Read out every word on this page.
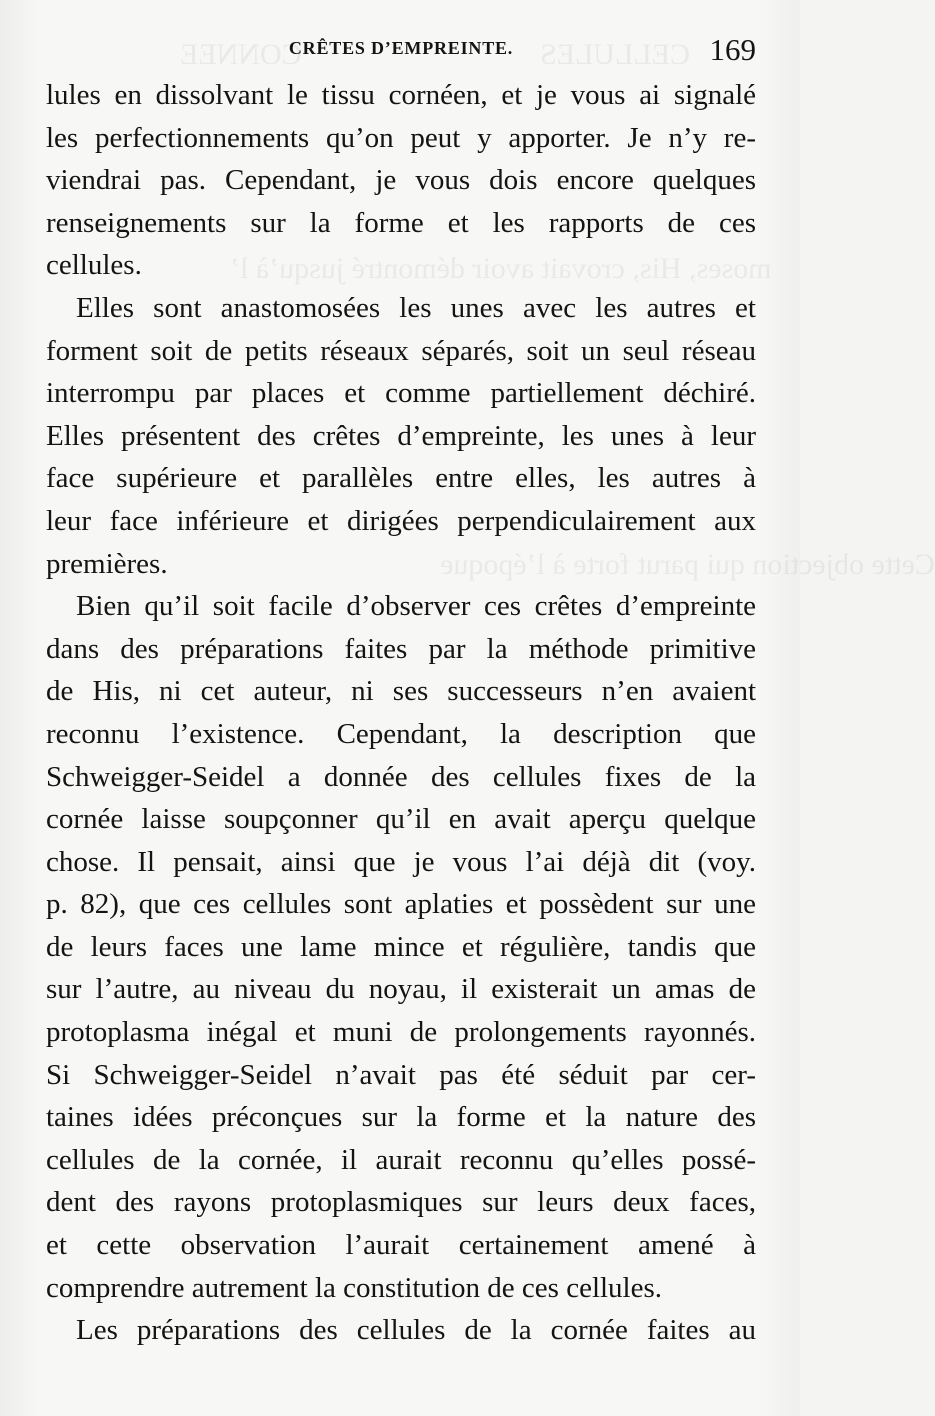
CONNEE	CELLULES
moses, His, crovait avoir démontré jusqu’à l’
Cette objection qui parut forte à l’époque
CRÊTES D’EMPREINTE.	169
lules en dissolvant le tissu cornéen, et je vous ai signalé
les perfectionnements qu’on peut y apporter. Je n’y re-
viendrai pas. Cependant, je vous dois encore quelques
renseignements sur la forme et les rapports de ces
cellules.
Elles sont anastomosées les unes avec les autres et
forment soit de petits réseaux séparés, soit un seul réseau
interrompu par places et comme partiellement déchiré.
Elles présentent des crêtes d’empreinte, les unes à leur
face supérieure et parallèles entre elles, les autres à
leur face inférieure et dirigées perpendiculairement aux
premières.
Bien qu’il soit facile d’observer ces crêtes d’empreinte
dans des préparations faites par la méthode primitive
de His, ni cet auteur, ni ses successeurs n’en avaient
reconnu l’existence. Cependant, la description que
Schweigger-Seidel a donnée des cellules fixes de la
cornée laisse soupçonner qu’il en avait aperçu quelque
chose. Il pensait, ainsi que je vous l’ai déjà dit (voy.
p. 82), que ces cellules sont aplaties et possèdent sur une
de leurs faces une lame mince et régulière, tandis que
sur l’autre, au niveau du noyau, il existerait un amas de
protoplasma inégal et muni de prolongements rayonnés.
Si Schweigger-Seidel n’avait pas été séduit par cer-
taines idées préconçues sur la forme et la nature des
cellules de la cornée, il aurait reconnu qu’elles possé-
dent des rayons protoplasmiques sur leurs deux faces,
et cette observation l’aurait certainement amené à
comprendre autrement la constitution de ces cellules.
Les préparations des cellules de la cornée faites au
